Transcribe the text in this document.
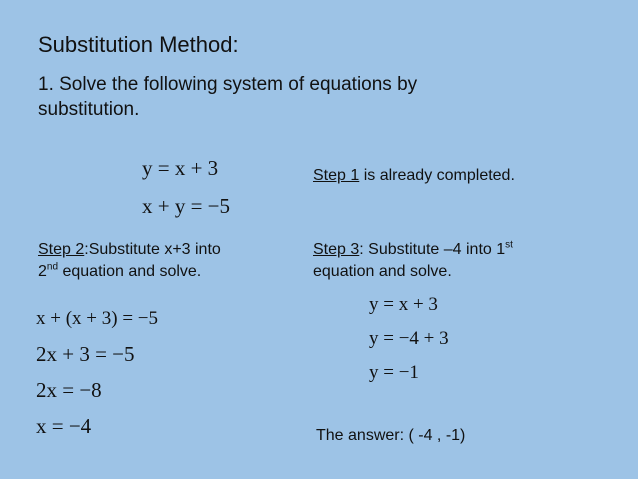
Substitution Method:
1. Solve the following system of equations by
substitution.
y = x + 3
x + y = −5
Step 1 is already completed.
Step 2:Substitute x+3 into
2nd equation and solve.
x + (x + 3) = −5
2x + 3 = −5
2x = −8
x = −4
Step 3: Substitute –4 into 1st
equation and solve.
y = x + 3
y = −4 + 3
y = −1
The answer: ( -4 , -1)
